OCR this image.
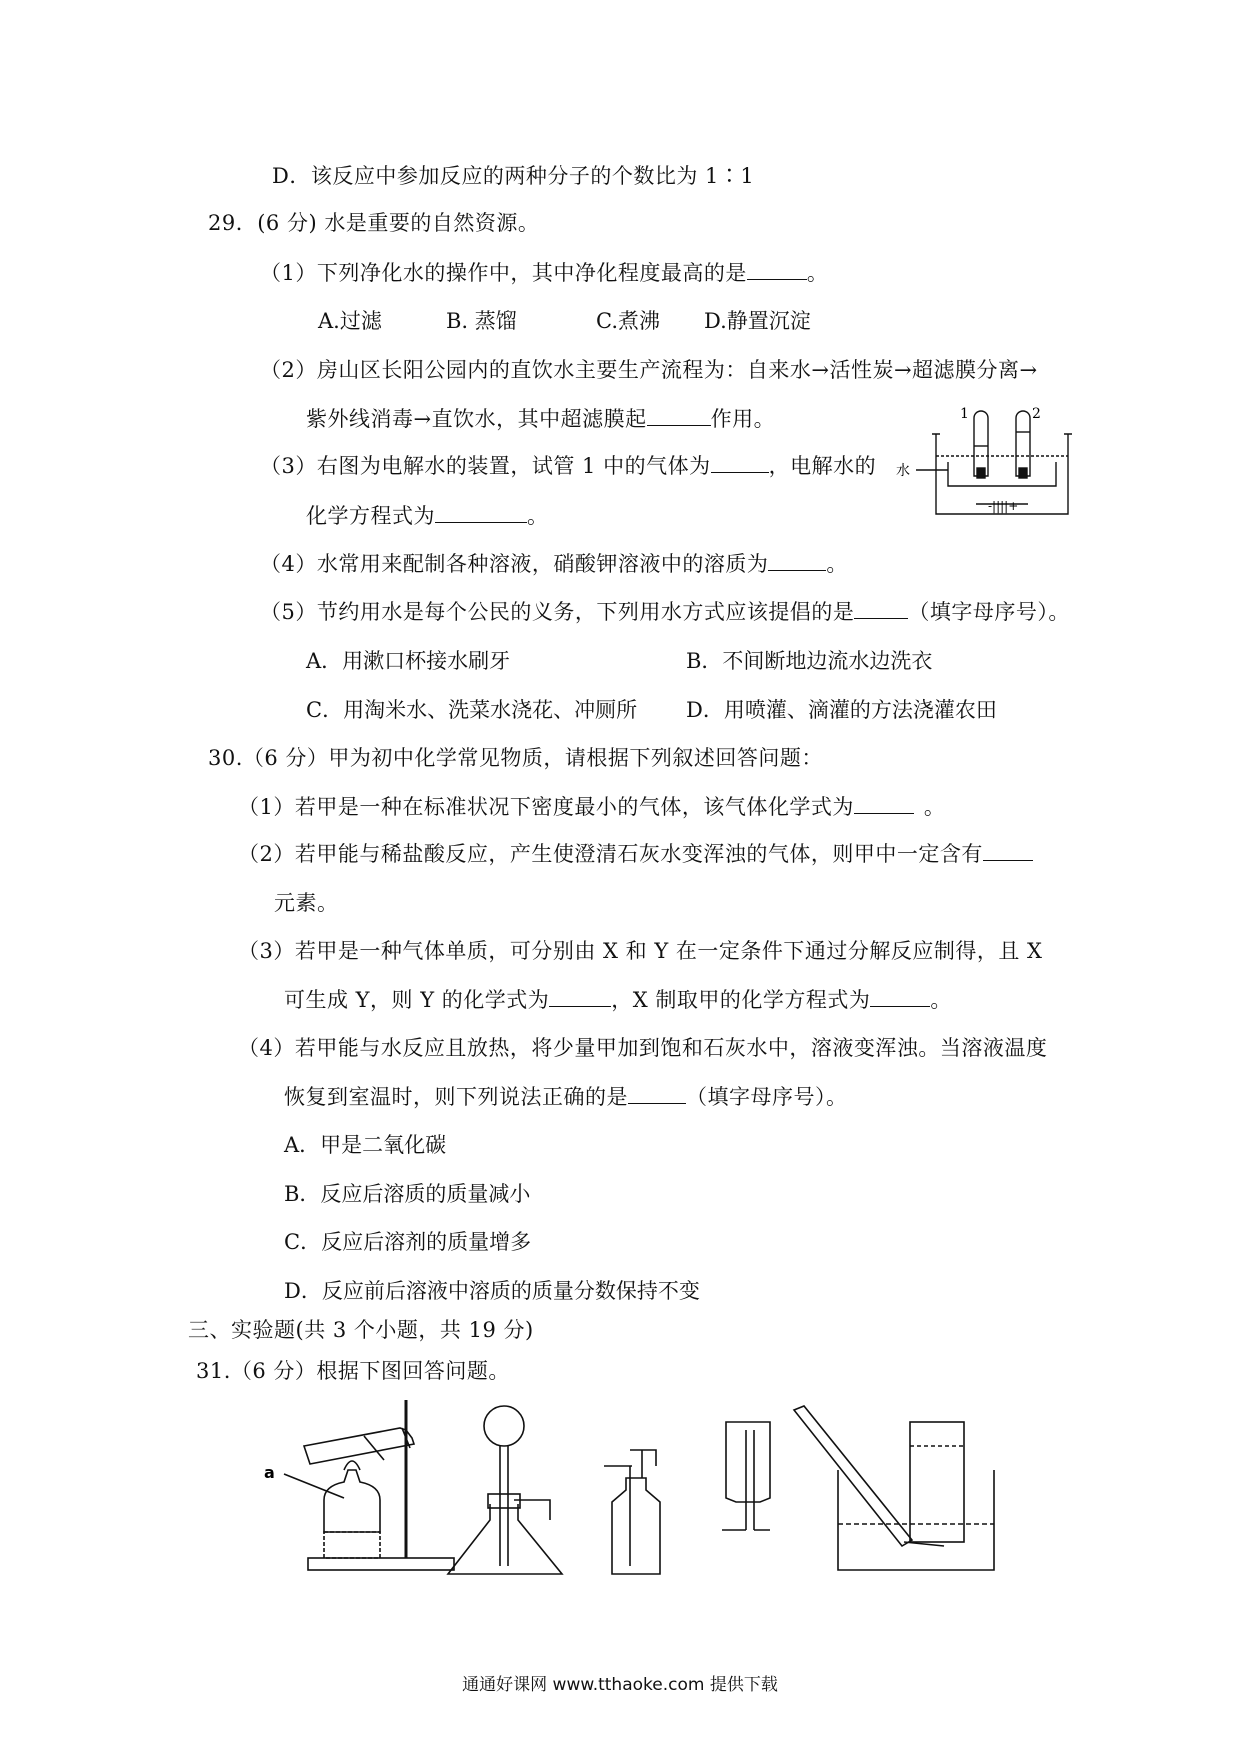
D．该反应中参加反应的两种分子的个数比为 1∶1
29．(6 分) 水是重要的自然资源。
（1）下列净化水的操作中，其中净化程度最高的是	。
A.过滤	B. 蒸馏	C.煮沸 D.静置沉淀
（2）房山区长阳公园内的直饮水主要生产流程为：自来水→活性炭→超滤膜分离→
紫外线消毒→直饮水，其中超滤膜起	作用。
（3）右图为电解水的装置，试管 1 中的气体为	，电解水的
化学方程式为	。
1	2
水
-||||+
（4）水常用来配制各种溶液，硝酸钾溶液中的溶质为	。
（5）节约用水是每个公民的义务，下列用水方式应该提倡的是	（填字母序号）。
A．用漱口杯接水刷牙	B．不间断地边流水边洗衣
C．用淘米水、洗菜水浇花、冲厕所 D．用喷灌、滴灌的方法浇灌农田
30.（6 分）甲为初中化学常见物质，请根据下列叙述回答问题：
（1）若甲是一种在标准状况下密度最小的气体，该气体化学式为	。
（2）若甲能与稀盐酸反应，产生使澄清石灰水变浑浊的气体，则甲中一定含有
元素。
（3）若甲是一种气体单质，可分别由 X 和 Y 在一定条件下通过分解反应制得，且 X
可生成 Y，则 Y 的化学式为	，X 制取甲的化学方程式为	。
（4）若甲能与水反应且放热，将少量甲加到饱和石灰水中，溶液变浑浊。当溶液温度
恢复到室温时，则下列说法正确的是	（填字母序号）。
A．甲是二氧化碳
B．反应后溶质的质量减小
C．反应后溶剂的质量增多
D．反应前后溶液中溶质的质量分数保持不变
三、实验题(共 3 个小题，共 19 分)
31.（6 分）根据下图回答问题。
a
通通好课网 www.tthaoke.com 提供下载
